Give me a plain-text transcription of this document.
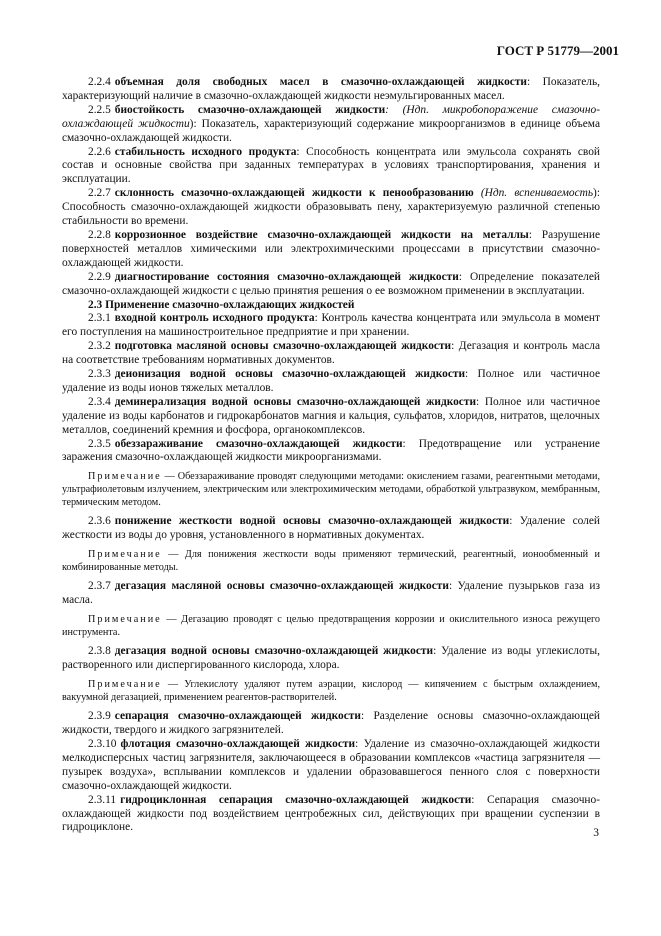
ГОСТ Р 51779—2001

2.2.4 объемная доля свободных масел в смазочно-охлаждающей жидкости: Показатель, характеризующий наличие в смазочно-охлаждающей жидкости неэмульгированных масел.

2.2.5 биостойкость смазочно-охлаждающей жидкости: (Ндп. микробопоражение смазочно-охлаждающей жидкости): Показатель, характеризующий содержание микроорганизмов в единице объема смазочно-охлаждающей жидкости.

2.2.6 стабильность исходного продукта: Способность концентрата или эмульсола сохранять свой состав и основные свойства при заданных температурах в условиях транспортирования, хранения и эксплуатации.

2.2.7 склонность смазочно-охлаждающей жидкости к пенообразованию (Ндп. вспениваемость): Способность смазочно-охлаждающей жидкости образовывать пену, характеризуемую различной степенью стабильности во времени.

2.2.8 коррозионное воздействие смазочно-охлаждающей жидкости на металлы: Разрушение поверхностей металлов химическими или электрохимическими процессами в присутствии смазочно-охлаждающей жидкости.

2.2.9 диагностирование состояния смазочно-охлаждающей жидкости: Определение показателей смазочно-охлаждающей жидкости с целью принятия решения о ее возможном применении в эксплуатации.

2.3 Применение смазочно-охлаждающих жидкостей

2.3.1 входной контроль исходного продукта: Контроль качества концентрата или эмульсола в момент его поступления на машиностроительное предприятие и при хранении.

2.3.2 подготовка масляной основы смазочно-охлаждающей жидкости: Дегазация и контроль масла на соответствие требованиям нормативных документов.

2.3.3 деионизация водной основы смазочно-охлаждающей жидкости: Полное или частичное удаление из воды ионов тяжелых металлов.

2.3.4 деминерализация водной основы смазочно-охлаждающей жидкости: Полное или частичное удаление из воды карбонатов и гидрокарбонатов магния и кальция, сульфатов, хлоридов, нитратов, щелочных металлов, соединений кремния и фосфора, органокомплексов.

2.3.5 обеззараживание смазочно-охлаждающей жидкости: Предотвращение или устранение заражения смазочно-охлаждающей жидкости микроорганизмами.

Примечание — Обеззараживание проводят следующими методами: окислением газами, реагентными методами, ультрафиолетовым излучением, электрическим или электрохимическим методами, обработкой ультразвуком, мембранным, термическим методом.

2.3.6 понижение жесткости водной основы смазочно-охлаждающей жидкости: Удаление солей жесткости из воды до уровня, установленного в нормативных документах.

Примечание — Для понижения жесткости воды применяют термический, реагентный, ионообменный и комбинированные методы.

2.3.7 дегазация масляной основы смазочно-охлаждающей жидкости: Удаление пузырьков газа из масла.

Примечание — Дегазацию проводят с целью предотвращения коррозии и окислительного износа режущего инструмента.

2.3.8 дегазация водной основы смазочно-охлаждающей жидкости: Удаление из воды углекислоты, растворенного или диспергированного кислорода, хлора.

Примечание — Углекислоту удаляют путем аэрации, кислород — кипячением с быстрым охлаждением, вакуумной дегазацией, применением реагентов-растворителей.

2.3.9 сепарация смазочно-охлаждающей жидкости: Разделение основы смазочно-охлаждающей жидкости, твердого и жидкого загрязнителей.

2.3.10 флотация смазочно-охлаждающей жидкости: Удаление из смазочно-охлаждающей жидкости мелкодисперсных частиц загрязнителя, заключающееся в образовании комплексов «частица загрязнителя — пузырек воздуха», всплывании комплексов и удалении образовавшегося пенного слоя с поверхности смазочно-охлаждающей жидкости.

2.3.11 гидроциклонная сепарация смазочно-охлаждающей жидкости: Сепарация смазочно-охлаждающей жидкости под воздействием центробежных сил, действующих при вращении суспензии в гидроциклоне.	3
